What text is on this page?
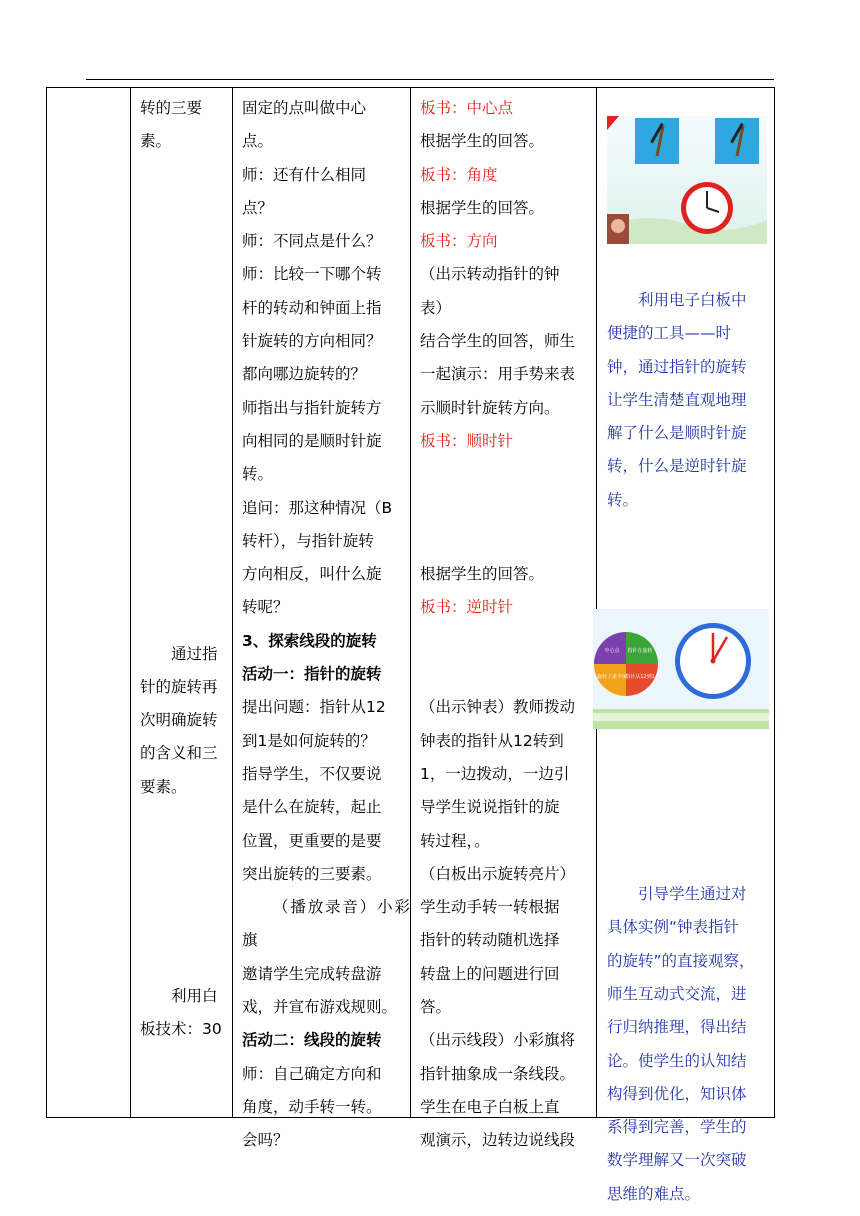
转的三要

素。

通过指

针的旋转再

次明确旋转

的含义和三

要素。

利用白

板技术：30

固定的点叫做中心

点。

师：还有什么相同

点？

师：不同点是什么？

师：比较一下哪个转

杆的转动和钟面上指

针旋转的方向相同？

都向哪边旋转的？

师指出与指针旋转方

向相同的是顺时针旋

转。

追问：那这种情况（B

转杆），与指针旋转

方向相反，叫什么旋

转呢？

3、探索线段的旋转

活动一：指针的旋转

提出问题：指针从12

到1是如何旋转的？

指导学生，不仅要说

是什么在旋转，起止

位置，更重要的是要

突出旋转的三要素。

（播放录音）小彩旗

邀请学生完成转盘游

戏，并宣布游戏规则。

活动二：线段的旋转

师：自己确定方向和

角度，动手转一转。

会吗？

板书：中心点

根据学生的回答。

板书：角度

根据学生的回答。

板书：方向

（出示转动指针的钟

表）

结合学生的回答，师生

一起演示：用手势来表

示顺时针旋转方向。

板书：顺时针

根据学生的回答。

板书：逆时针

（出示钟表）教师拨动

钟表的指针从12转到

1，一边拨动，一边引

导学生说说指针的旋

转过程，。

（白板出示旋转亮片）

学生动手转一转根据

指针的转动随机选择

转盘上的问题进行回

答。

（出示线段）小彩旗将

指针抽象成一条线段。

学生在电子白板上直

观演示，边转边说线段

利用电子白板中

便捷的工具——时

钟，通过指针的旋转

让学生清楚直观地理

解了什么是顺时针旋

转，什么是逆时针旋

转。

指针在旋转
指针从12到1
旋转了多少度
中心点

引导学生通过对

具体实例“钟表指针

的旋转”的直接观察，

师生互动式交流，进

行归纳推理，得出结

论。使学生的认知结

构得到优化，知识体

系得到完善，学生的

数学理解又一次突破

思维的难点。
